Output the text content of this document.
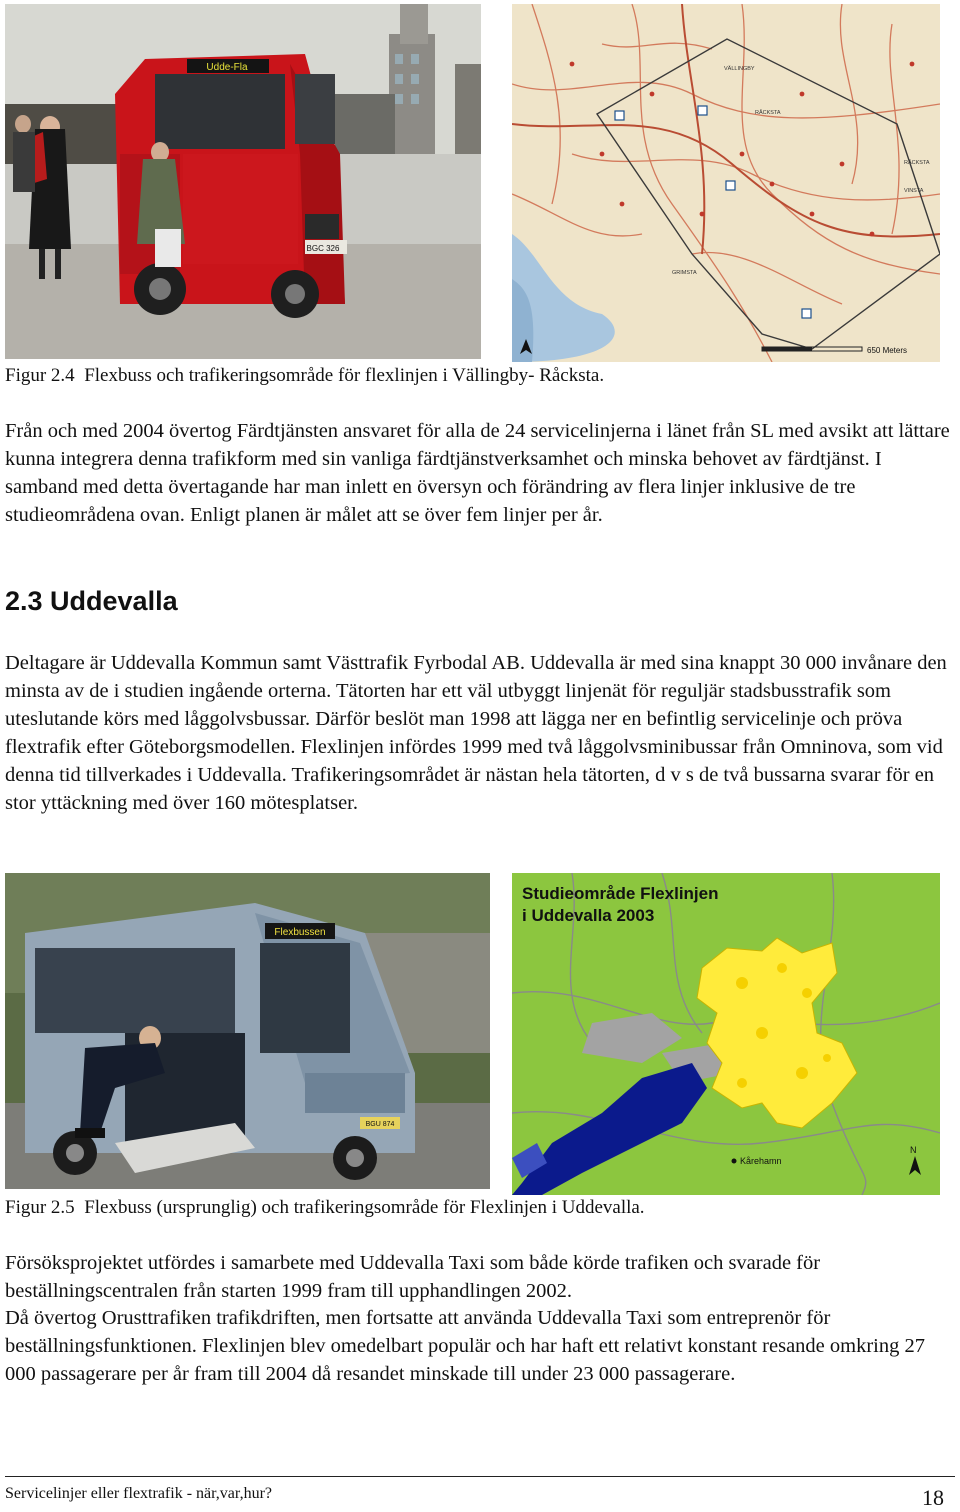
Udde-Fla
BGC 326
VÄLLINGBY
RÅCKSTA
GRIMSTA
RÅCKSTA
VINSTA
650 Meters
Figur 2.4 Flexbuss och trafikeringsområde för flexlinjen i Vällingby- Råcksta.

Från och med 2004 övertog Färdtjänsten ansvaret för alla de 24 servicelinjerna i länet från SL med avsikt att lättare kunna integrera denna trafikform med sin vanliga färdtjänstverksamhet och minska behovet av färdtjänst. I samband med detta övertagande har man inlett en översyn och förändring av flera linjer inklusive de tre studieområdena ovan. Enligt planen är målet att se över fem linjer per år.

2.3 Uddevalla

Deltagare är Uddevalla Kommun samt Västtrafik Fyrbodal AB. Uddevalla är med sina knappt 30 000 invånare den minsta av de i studien ingående orterna. Tätorten har ett väl utbyggt linjenät för reguljär stadsbusstrafik som uteslutande körs med låggolvsbussar. Därför beslöt man 1998 att lägga ner en befintlig servicelinje och pröva flextrafik efter Göteborgsmodellen. Flexlinjen infördes 1999 med två låggolvsminibussar från Omninova, som vid denna tid tillverkades i Uddevalla. Trafikeringsområdet är nästan hela tätorten, d v s de två bussarna svarar för en stor yttäckning med över 160 mötesplatser.

Flexbussen
BGU 874
Studieområde Flexlinjen
i Uddevalla 2003
Kårehamn
N
Figur 2.5 Flexbuss (ursprunglig) och trafikeringsområde för Flexlinjen i Uddevalla.

Försöksprojektet utfördes i samarbete med Uddevalla Taxi som både körde trafiken och svarade för beställningscentralen från starten 1999 fram till upphandlingen 2002.

Då övertog Orusttrafiken trafikdriften, men fortsatte att använda Uddevalla Taxi som entreprenör för beställningsfunktionen. Flexlinjen blev omedelbart populär och har haft ett relativt konstant resande omkring 27 000 passagerare per år fram till 2004 då resandet minskade till under 23 000 passagerare.

Servicelinjer eller flextrafik - när,var,hur?	18
